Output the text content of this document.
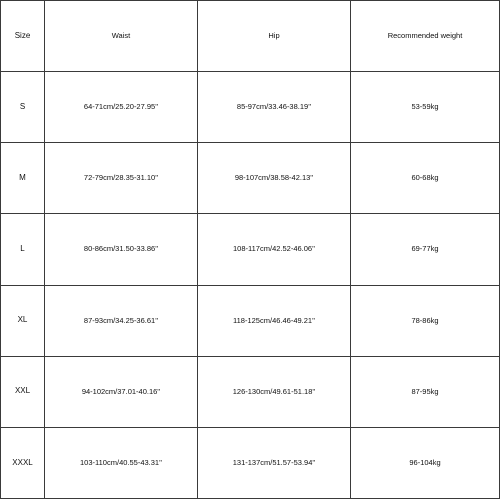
Size	Waist	Hip	Recommended weight
S	64-71cm/25.20-27.95''	85-97cm/33.46-38.19''	53-59kg
M	72-79cm/28.35-31.10''	98-107cm/38.58-42.13''	60-68kg
L	80-86cm/31.50-33.86''	108-117cm/42.52-46.06''	69-77kg
XL	87-93cm/34.25-36.61''	118-125cm/46.46-49.21''	78-86kg
XXL	94-102cm/37.01-40.16''	126-130cm/49.61-51.18''	87-95kg
XXXL	103-110cm/40.55-43.31''	131-137cm/51.57-53.94''	96-104kg
